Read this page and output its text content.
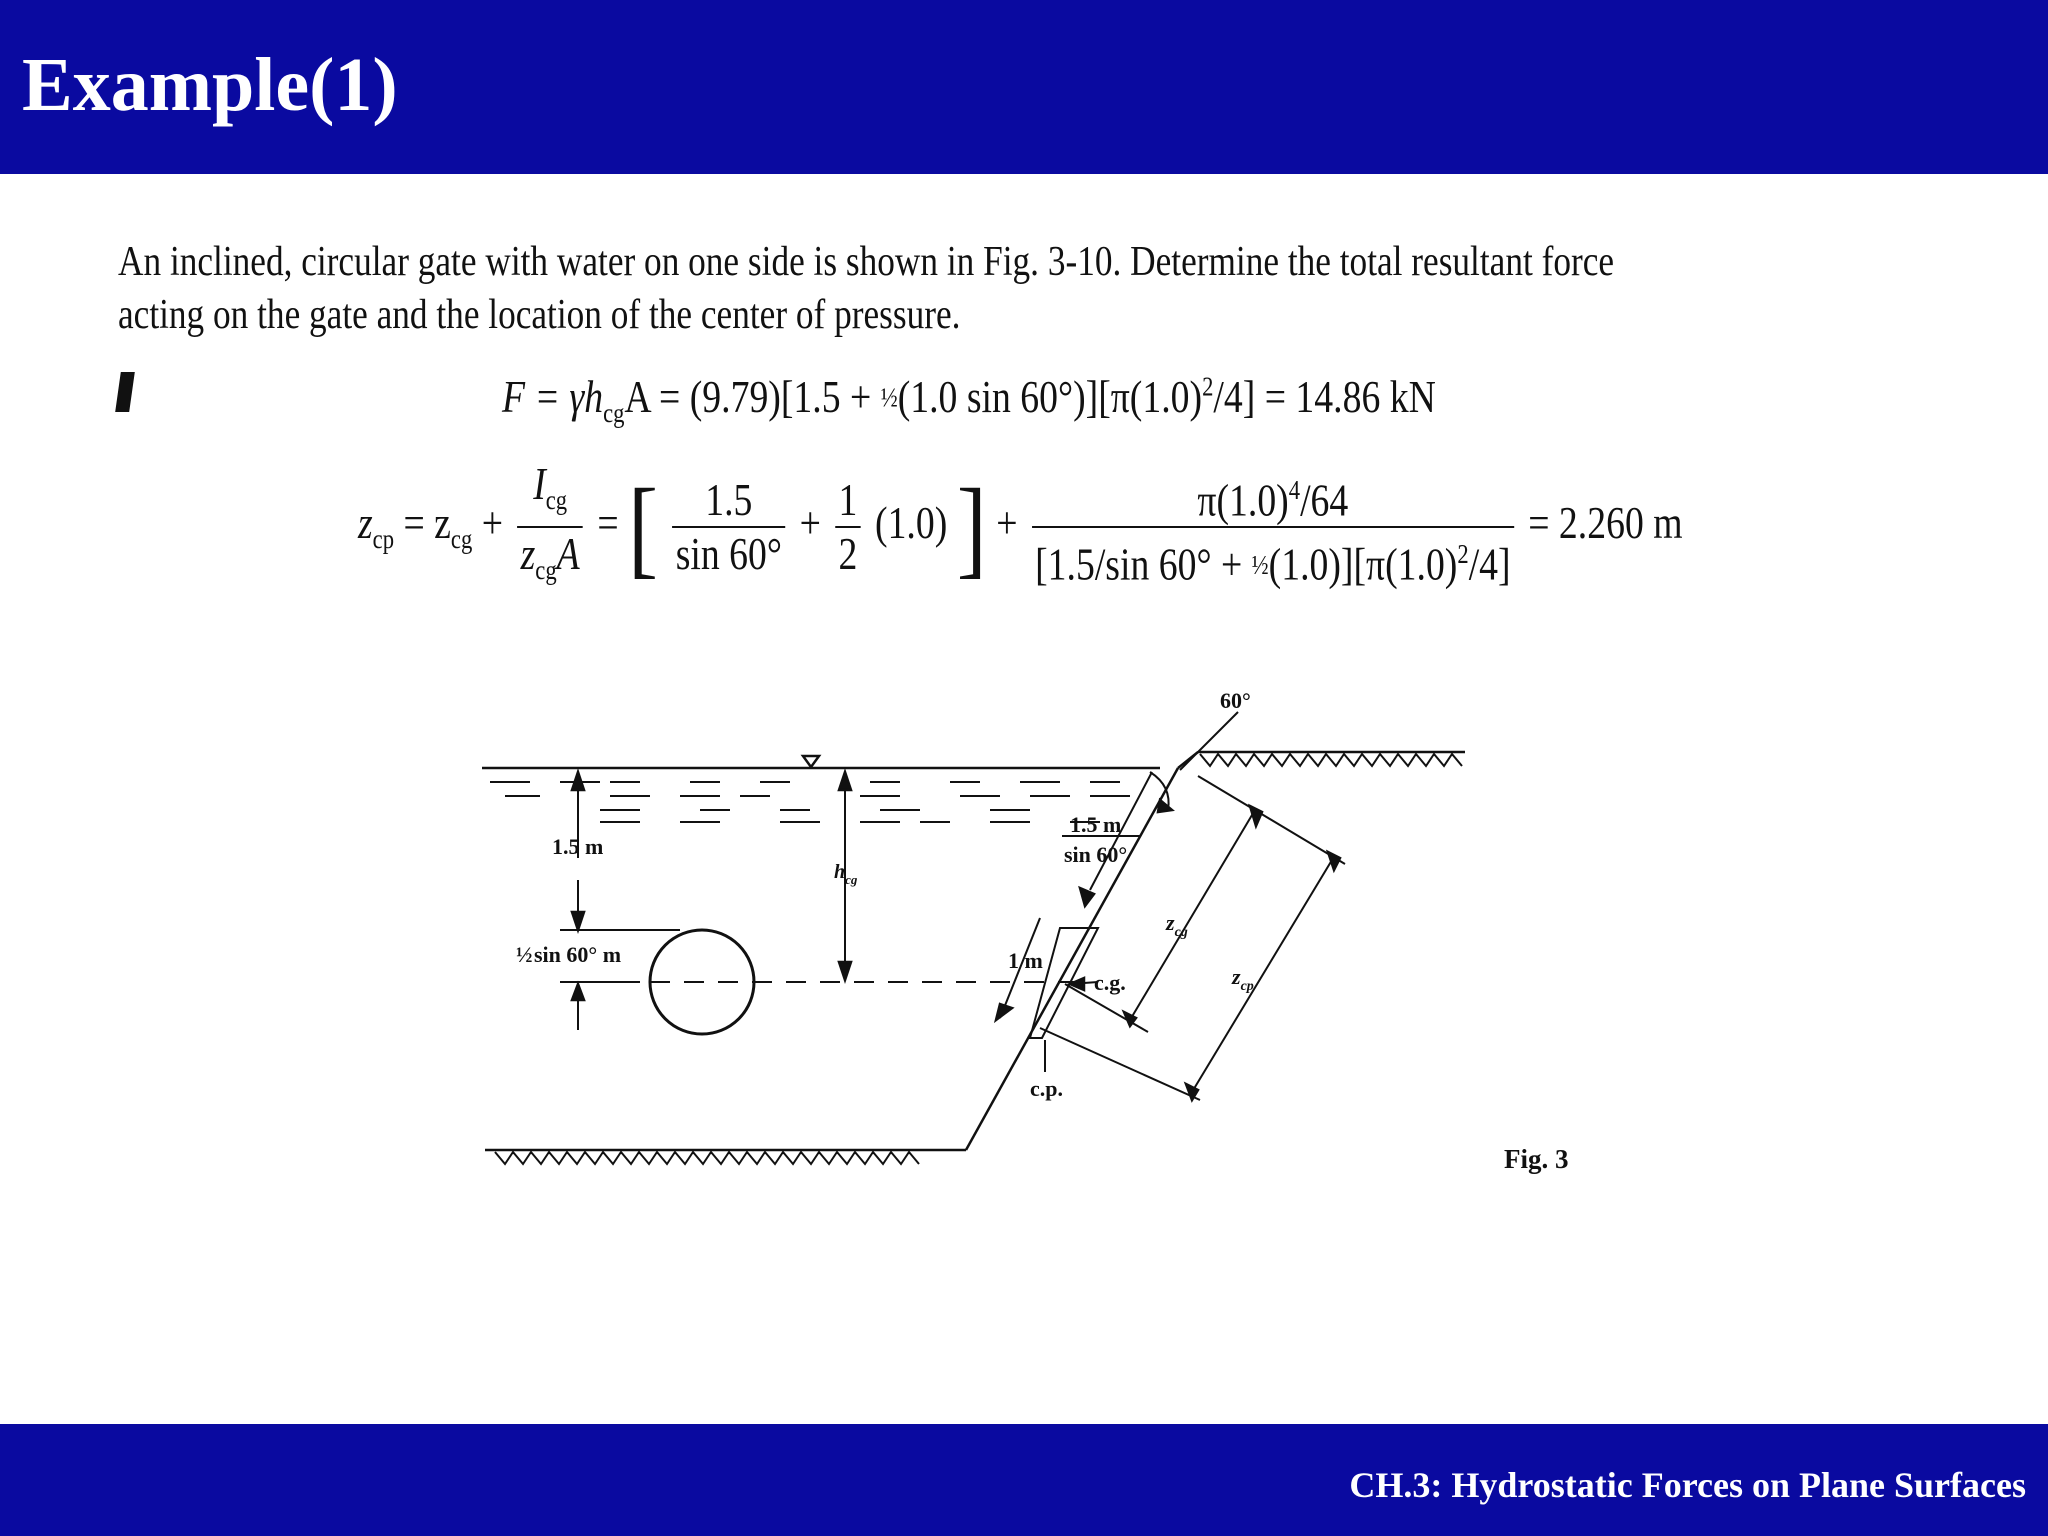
Example(1)

An inclined, circular gate with water on one side is shown in Fig. 3-10. Determine the total resultant force

acting on the gate and the location of the center of pressure.

$F = \gamma h_{cg}A = (9.79)[1.5$ + ½(1.0 $\sin 60^\circ)][\pi(1.0)^2/4] = 14.86$ kN
$z_{cp} = z_{cg} + \frac{I_{cg}}{z_{cg}A}$ = [ $\frac{1.5}{\sin 60^\circ} + \frac{1}{2} (1.0)$ ] + $\frac{\pi(1.0)^4/64}{[1.5/\sin 60^\circ + \frac{1}{2}(1.0)][\pi(1.0)^2/4]} = 2.260$ m
60°
1.5 m
½ sin 60° m
$h_{cg}$
1.5 m
sin 60°
1 m
c.g.
c.p.
$z_{cg}$
$z_{cp}$
Fig. 3
CH.3: Hydrostatic Forces on Plane Surfaces
